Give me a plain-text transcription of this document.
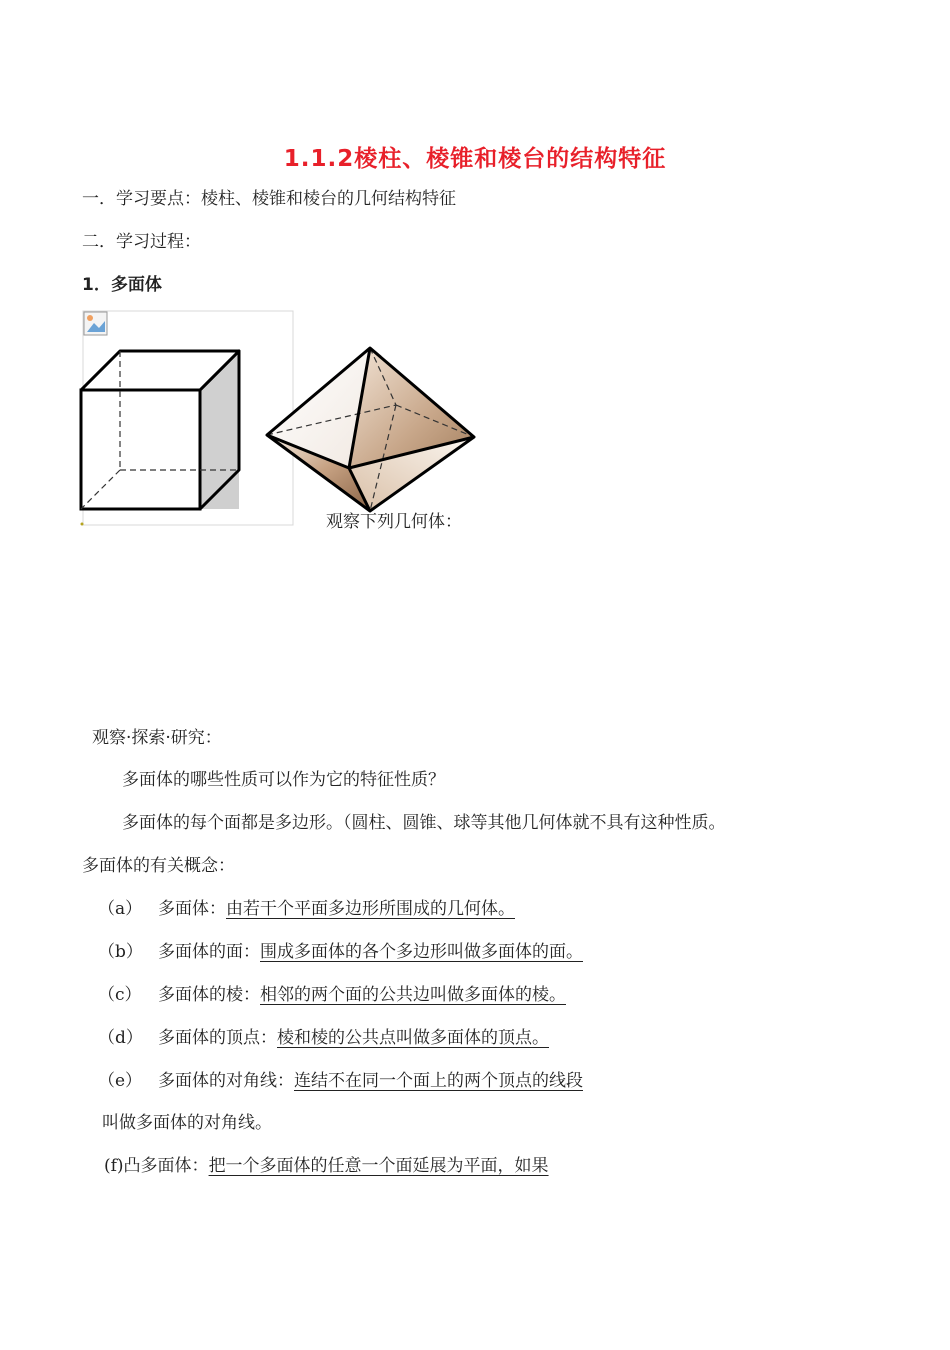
1.1.2棱柱、棱锥和棱台的结构特征
一．学习要点：棱柱、棱锥和棱台的几何结构特征
二．学习过程：
1．多面体
观察下列几何体：
观察·探索·研究：
多面体的哪些性质可以作为它的特征性质？
多面体的每个面都是多边形。（圆柱、圆锥、球等其他几何体就不具有这种性质。
多面体的有关概念：
（a） 多面体：由若干个平面多边形所围成的几何体。
（b） 多面体的面：围成多面体的各个多边形叫做多面体的面。
（c） 多面体的棱：相邻的两个面的公共边叫做多面体的棱。
（d） 多面体的顶点：棱和棱的公共点叫做多面体的顶点。
（e） 多面体的对角线：连结不在同一个面上的两个顶点的线段
叫做多面体的对角线。
(f)凸多面体：把一个多面体的任意一个面延展为平面，如果
